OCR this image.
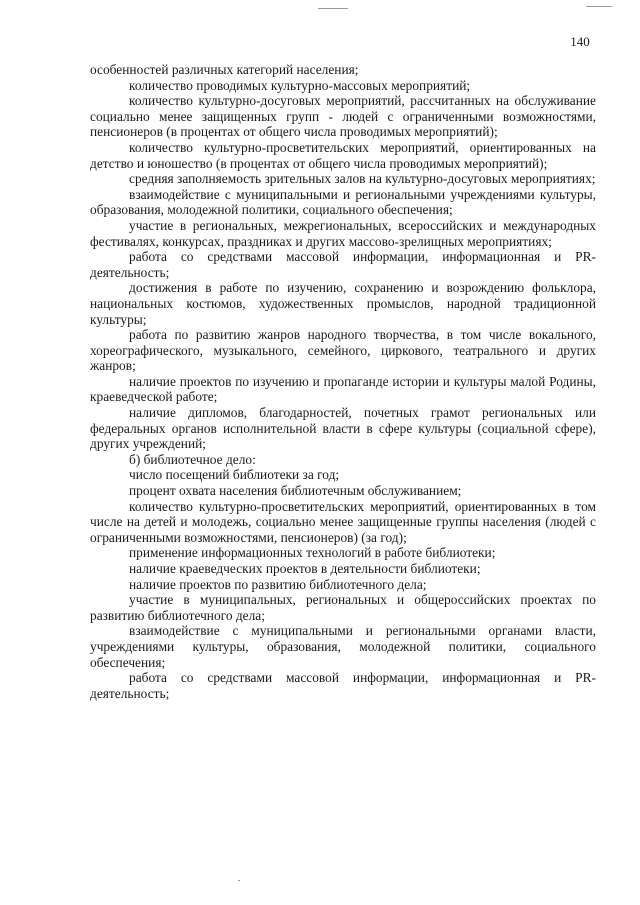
140

особенностей различных категорий населения;

количество проводимых культурно-массовых мероприятий;

количество культурно-досуговых мероприятий, рассчитанных на обслуживание социально менее защищенных групп - людей с ограниченными возможностями, пенсионеров (в процентах от общего числа проводимых мероприятий);

количество культурно-просветительских мероприятий, ориентированных на детство и юношество (в процентах от общего числа проводимых мероприятий);

средняя заполняемость зрительных залов на культурно-досуговых мероприятиях;

взаимодействие с муниципальными и региональными учреждениями культуры, образования, молодежной политики, социального обеспечения;

участие в региональных, межрегиональных, всероссийских и международных фестивалях, конкурсах, праздниках и других массово-зрелищных мероприятиях;

работа со средствами массовой информации, информационная и PR-деятельность;

достижения в работе по изучению, сохранению и возрождению фольклора, национальных костюмов, художественных промыслов, народной традиционной культуры;

работа по развитию жанров народного творчества, в том числе вокального, хореографического, музыкального, семейного, циркового, театрального и других жанров;

наличие проектов по изучению и пропаганде истории и культуры малой Родины, краеведческой работе;

наличие дипломов, благодарностей, почетных грамот региональных или федеральных органов исполнительной власти в сфере культуры (социальной сфере), других учреждений;

б) библиотечное дело:

число посещений библиотеки за год;

процент охвата населения библиотечным обслуживанием;

количество культурно-просветительских мероприятий, ориентированных в том числе на детей и молодежь, социально менее защищенные группы населения (людей с ограниченными возможностями, пенсионеров) (за год);

применение информационных технологий в работе библиотеки;

наличие краеведческих проектов в деятельности библиотеки;

наличие проектов по развитию библиотечного дела;

участие в муниципальных, региональных и общероссийских проектах по развитию библиотечного дела;

взаимодействие с муниципальными и региональными органами власти, учреждениями культуры, образования, молодежной политики, социального обеспечения;

работа со средствами массовой информации, информационная и PR-деятельность;
